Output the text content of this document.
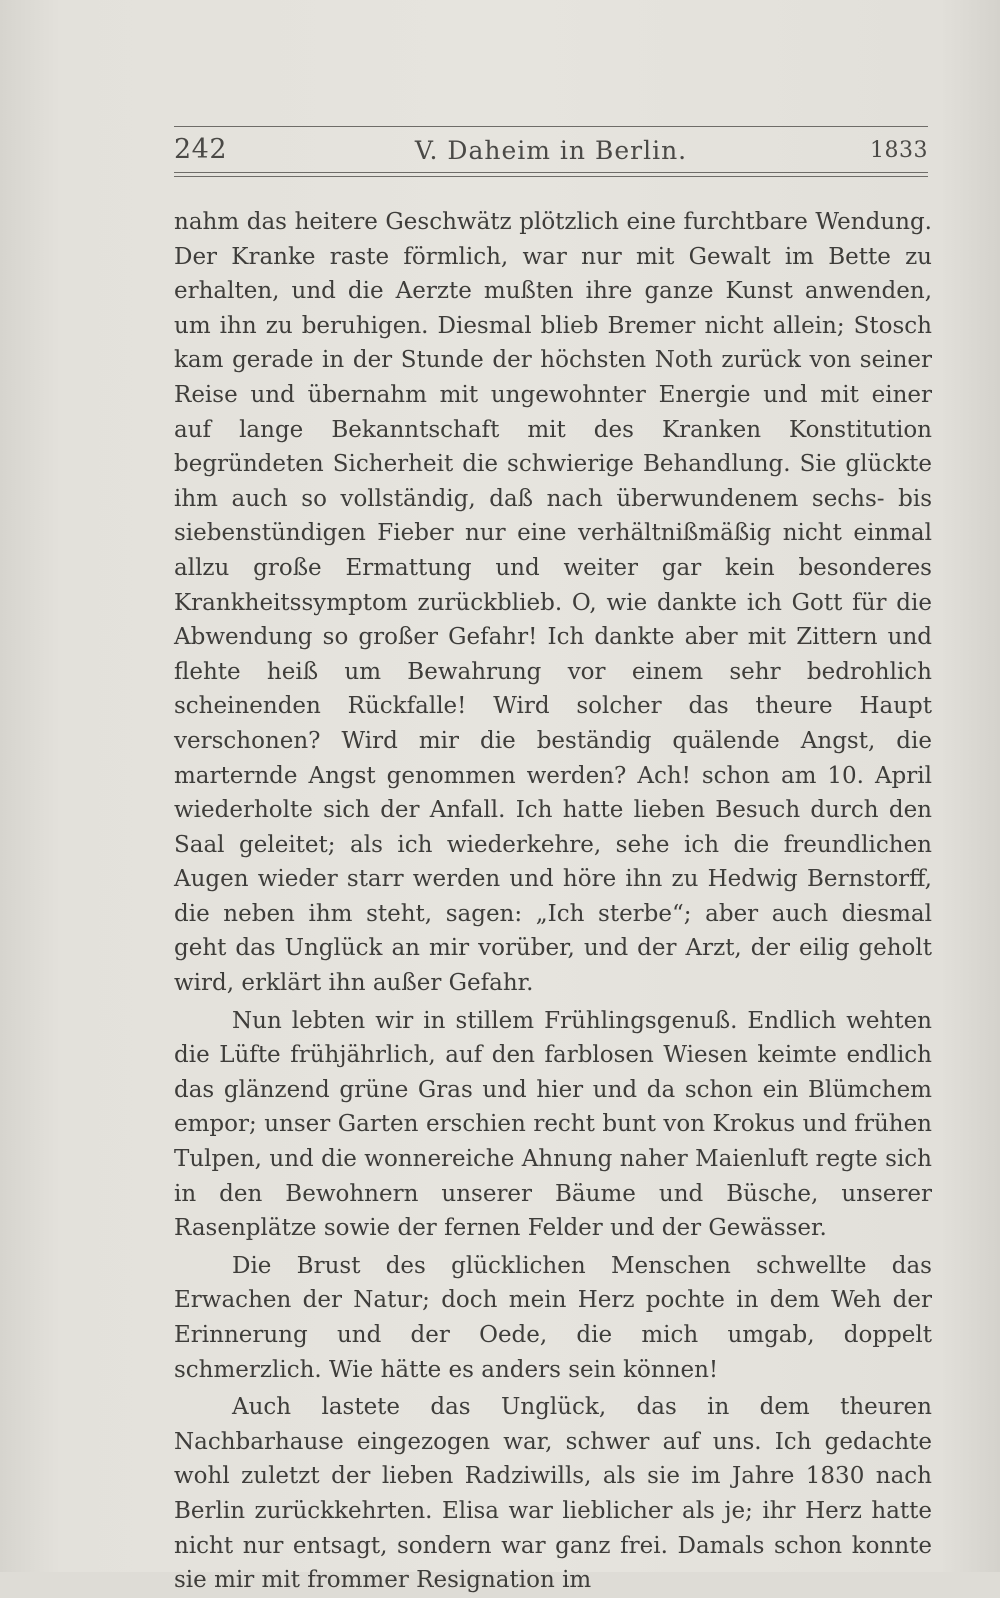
242	V. Daheim in Berlin.	1833

nahm das heitere Geschwätz plötzlich eine furchtbare Wendung. Der Kranke raste förmlich, war nur mit Gewalt im Bette zu erhalten, und die Aerzte mußten ihre ganze Kunst anwenden, um ihn zu beruhigen. Diesmal blieb Bremer nicht allein; Stosch kam gerade in der Stunde der höchsten Noth zurück von seiner Reise und übernahm mit ungewohnter Energie und mit einer auf lange Bekanntschaft mit des Kranken Konstitution begründeten Sicherheit die schwierige Behandlung. Sie glückte ihm auch so vollständig, daß nach überwundenem sechs- bis siebenstündigen Fieber nur eine verhältnißmäßig nicht einmal allzu große Ermattung und weiter gar kein besonderes Krankheitssymptom zurückblieb. O, wie dankte ich Gott für die Abwendung so großer Gefahr! Ich dankte aber mit Zittern und flehte heiß um Bewahrung vor einem sehr bedrohlich scheinenden Rückfalle! Wird solcher das theure Haupt verschonen? Wird mir die beständig quälende Angst, die marternde Angst genommen werden? Ach! schon am 10. April wiederholte sich der Anfall. Ich hatte lieben Besuch durch den Saal geleitet; als ich wiederkehre, sehe ich die freundlichen Augen wieder starr werden und höre ihn zu Hedwig Bernstorff, die neben ihm steht, sagen: „Ich sterbe“; aber auch diesmal geht das Unglück an mir vorüber, und der Arzt, der eilig geholt wird, erklärt ihn außer Gefahr.

Nun lebten wir in stillem Frühlingsgenuß. Endlich wehten die Lüfte frühjährlich, auf den farblosen Wiesen keimte endlich das glänzend grüne Gras und hier und da schon ein Blümchem empor; unser Garten erschien recht bunt von Krokus und frühen Tulpen, und die wonnereiche Ahnung naher Maienluft regte sich in den Bewohnern unserer Bäume und Büsche, unserer Rasenplätze sowie der fernen Felder und der Gewässer.

Die Brust des glücklichen Menschen schwellte das Erwachen der Natur; doch mein Herz pochte in dem Weh der Erinnerung und der Oede, die mich umgab, doppelt schmerzlich. Wie hätte es anders sein können!

Auch lastete das Unglück, das in dem theuren Nachbarhause eingezogen war, schwer auf uns. Ich gedachte wohl zuletzt der lieben Radziwills, als sie im Jahre 1830 nach Berlin zurückkehrten. Elisa war lieblicher als je; ihr Herz hatte nicht nur entsagt, sondern war ganz frei. Damals schon konnte sie mir mit frommer Resignation im
